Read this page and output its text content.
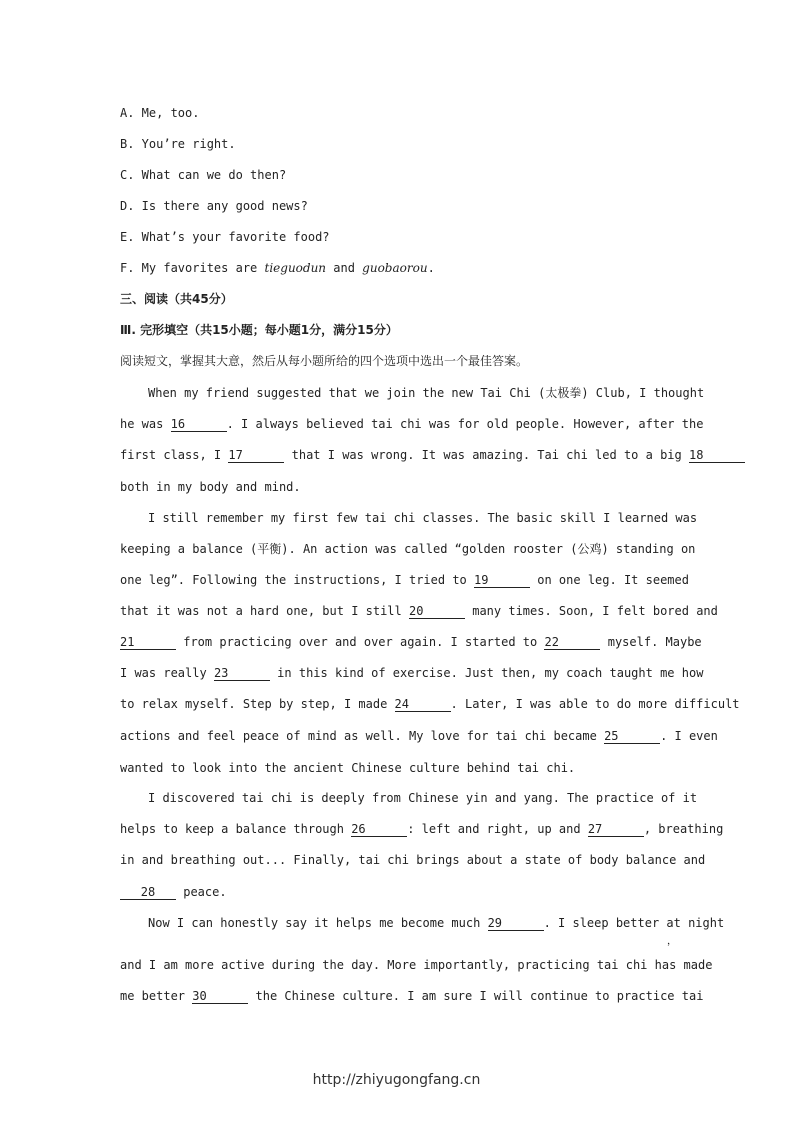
A. Me, too.
B. You’re right.
C. What can we do then?
D. Is there any good news?
E. What’s your favorite food?
F. My favorites are tieguodun and guobaorou.
三、阅读（共45分）
Ⅲ. 完形填空（共15小题；每小题1分，满分15分）
阅读短文，掌握其大意，然后从每小题所给的四个选项中选出一个最佳答案。
When my friend suggested that we join the new Tai Chi (太极拳) Club, I thought
he was 16	. I always believed tai chi was for old people. However, after the
first class, I 17	that I was wrong. It was amazing. Tai chi led to a big 18
both in my body and mind.
I still remember my first few tai chi classes. The basic skill I learned was
keeping a balance (平衡). An action was called “golden rooster (公鸡) standing on
one leg”. Following the instructions, I tried to 19	on one leg. It seemed
that it was not a hard one, but I still 20	many times. Soon, I felt bored and
21	from practicing over and over again. I started to 22	myself. Maybe
I was really 23	in this kind of exercise. Just then, my coach taught me how
to relax myself. Step by step, I made 24	. Later, I was able to do more difficult
actions and feel peace of mind as well. My love for tai chi became 25	. I even
wanted to look into the ancient Chinese culture behind tai chi.
I discovered tai chi is deeply from Chinese yin and yang. The practice of it
helps to keep a balance through 26	: left and right, up and 27	, breathing
in and breathing out... Finally, tai chi brings about a state of body balance and
28 peace.
Now I can honestly say it helps me become much 29	. I sleep better at night
，
and I am more active during the day. More importantly, practicing tai chi has made
me better 30	the Chinese culture. I am sure I will continue to practice tai
http://zhiyugongfang.cn
